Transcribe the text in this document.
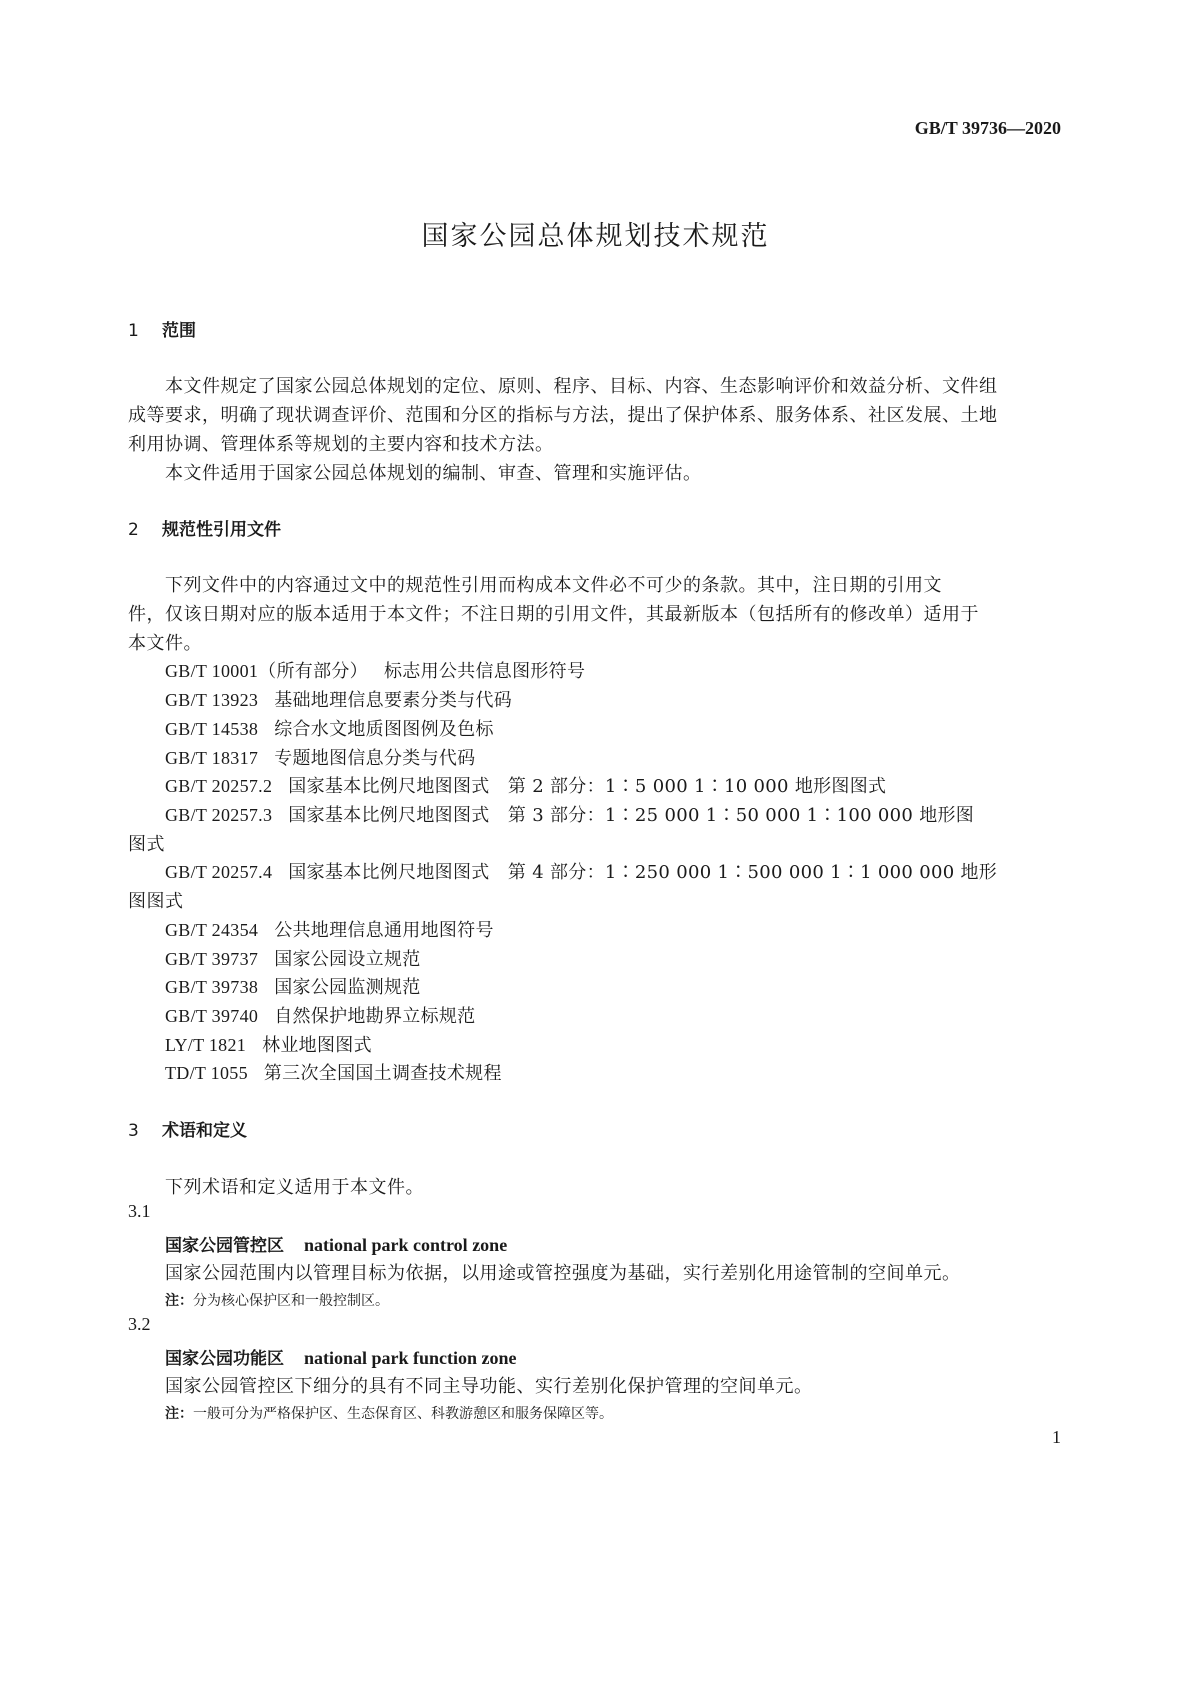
GB/T 39736—2020
国家公园总体规划技术规范
1 范围
本文件规定了国家公园总体规划的定位、原则、程序、目标、内容、生态影响评价和效益分析、文件组
成等要求，明确了现状调查评价、范围和分区的指标与方法，提出了保护体系、服务体系、社区发展、土地
利用协调、管理体系等规划的主要内容和技术方法。
本文件适用于国家公园总体规划的编制、审查、管理和实施评估。
2 规范性引用文件
下列文件中的内容通过文中的规范性引用而构成本文件必不可少的条款。其中，注日期的引用文
件，仅该日期对应的版本适用于本文件；不注日期的引用文件，其最新版本（包括所有的修改单）适用于
本文件。
GB/T 10001（所有部分） 标志用公共信息图形符号
GB/T 13923 基础地理信息要素分类与代码
GB/T 14538 综合水文地质图图例及色标
GB/T 18317 专题地图信息分类与代码
GB/T 20257.2 国家基本比例尺地图图式　第 2 部分：1∶5 000 1∶10 000 地形图图式
GB/T 20257.3 国家基本比例尺地图图式　第 3 部分：1∶25 000 1∶50 000 1∶100 000 地形图
图式
GB/T 20257.4 国家基本比例尺地图图式　第 4 部分：1∶250 000 1∶500 000 1∶1 000 000 地形
图图式
GB/T 24354 公共地理信息通用地图符号
GB/T 39737 国家公园设立规范
GB/T 39738 国家公园监测规范
GB/T 39740 自然保护地勘界立标规范
LY/T 1821 林业地图图式
TD/T 1055 第三次全国国土调查技术规程
3 术语和定义
下列术语和定义适用于本文件。
3.1
国家公园管控区 national park control zone
国家公园范围内以管理目标为依据，以用途或管控强度为基础，实行差别化用途管制的空间单元。
注：分为核心保护区和一般控制区。
3.2
国家公园功能区 national park function zone
国家公园管控区下细分的具有不同主导功能、实行差别化保护管理的空间单元。
注：一般可分为严格保护区、生态保育区、科教游憩区和服务保障区等。
1
